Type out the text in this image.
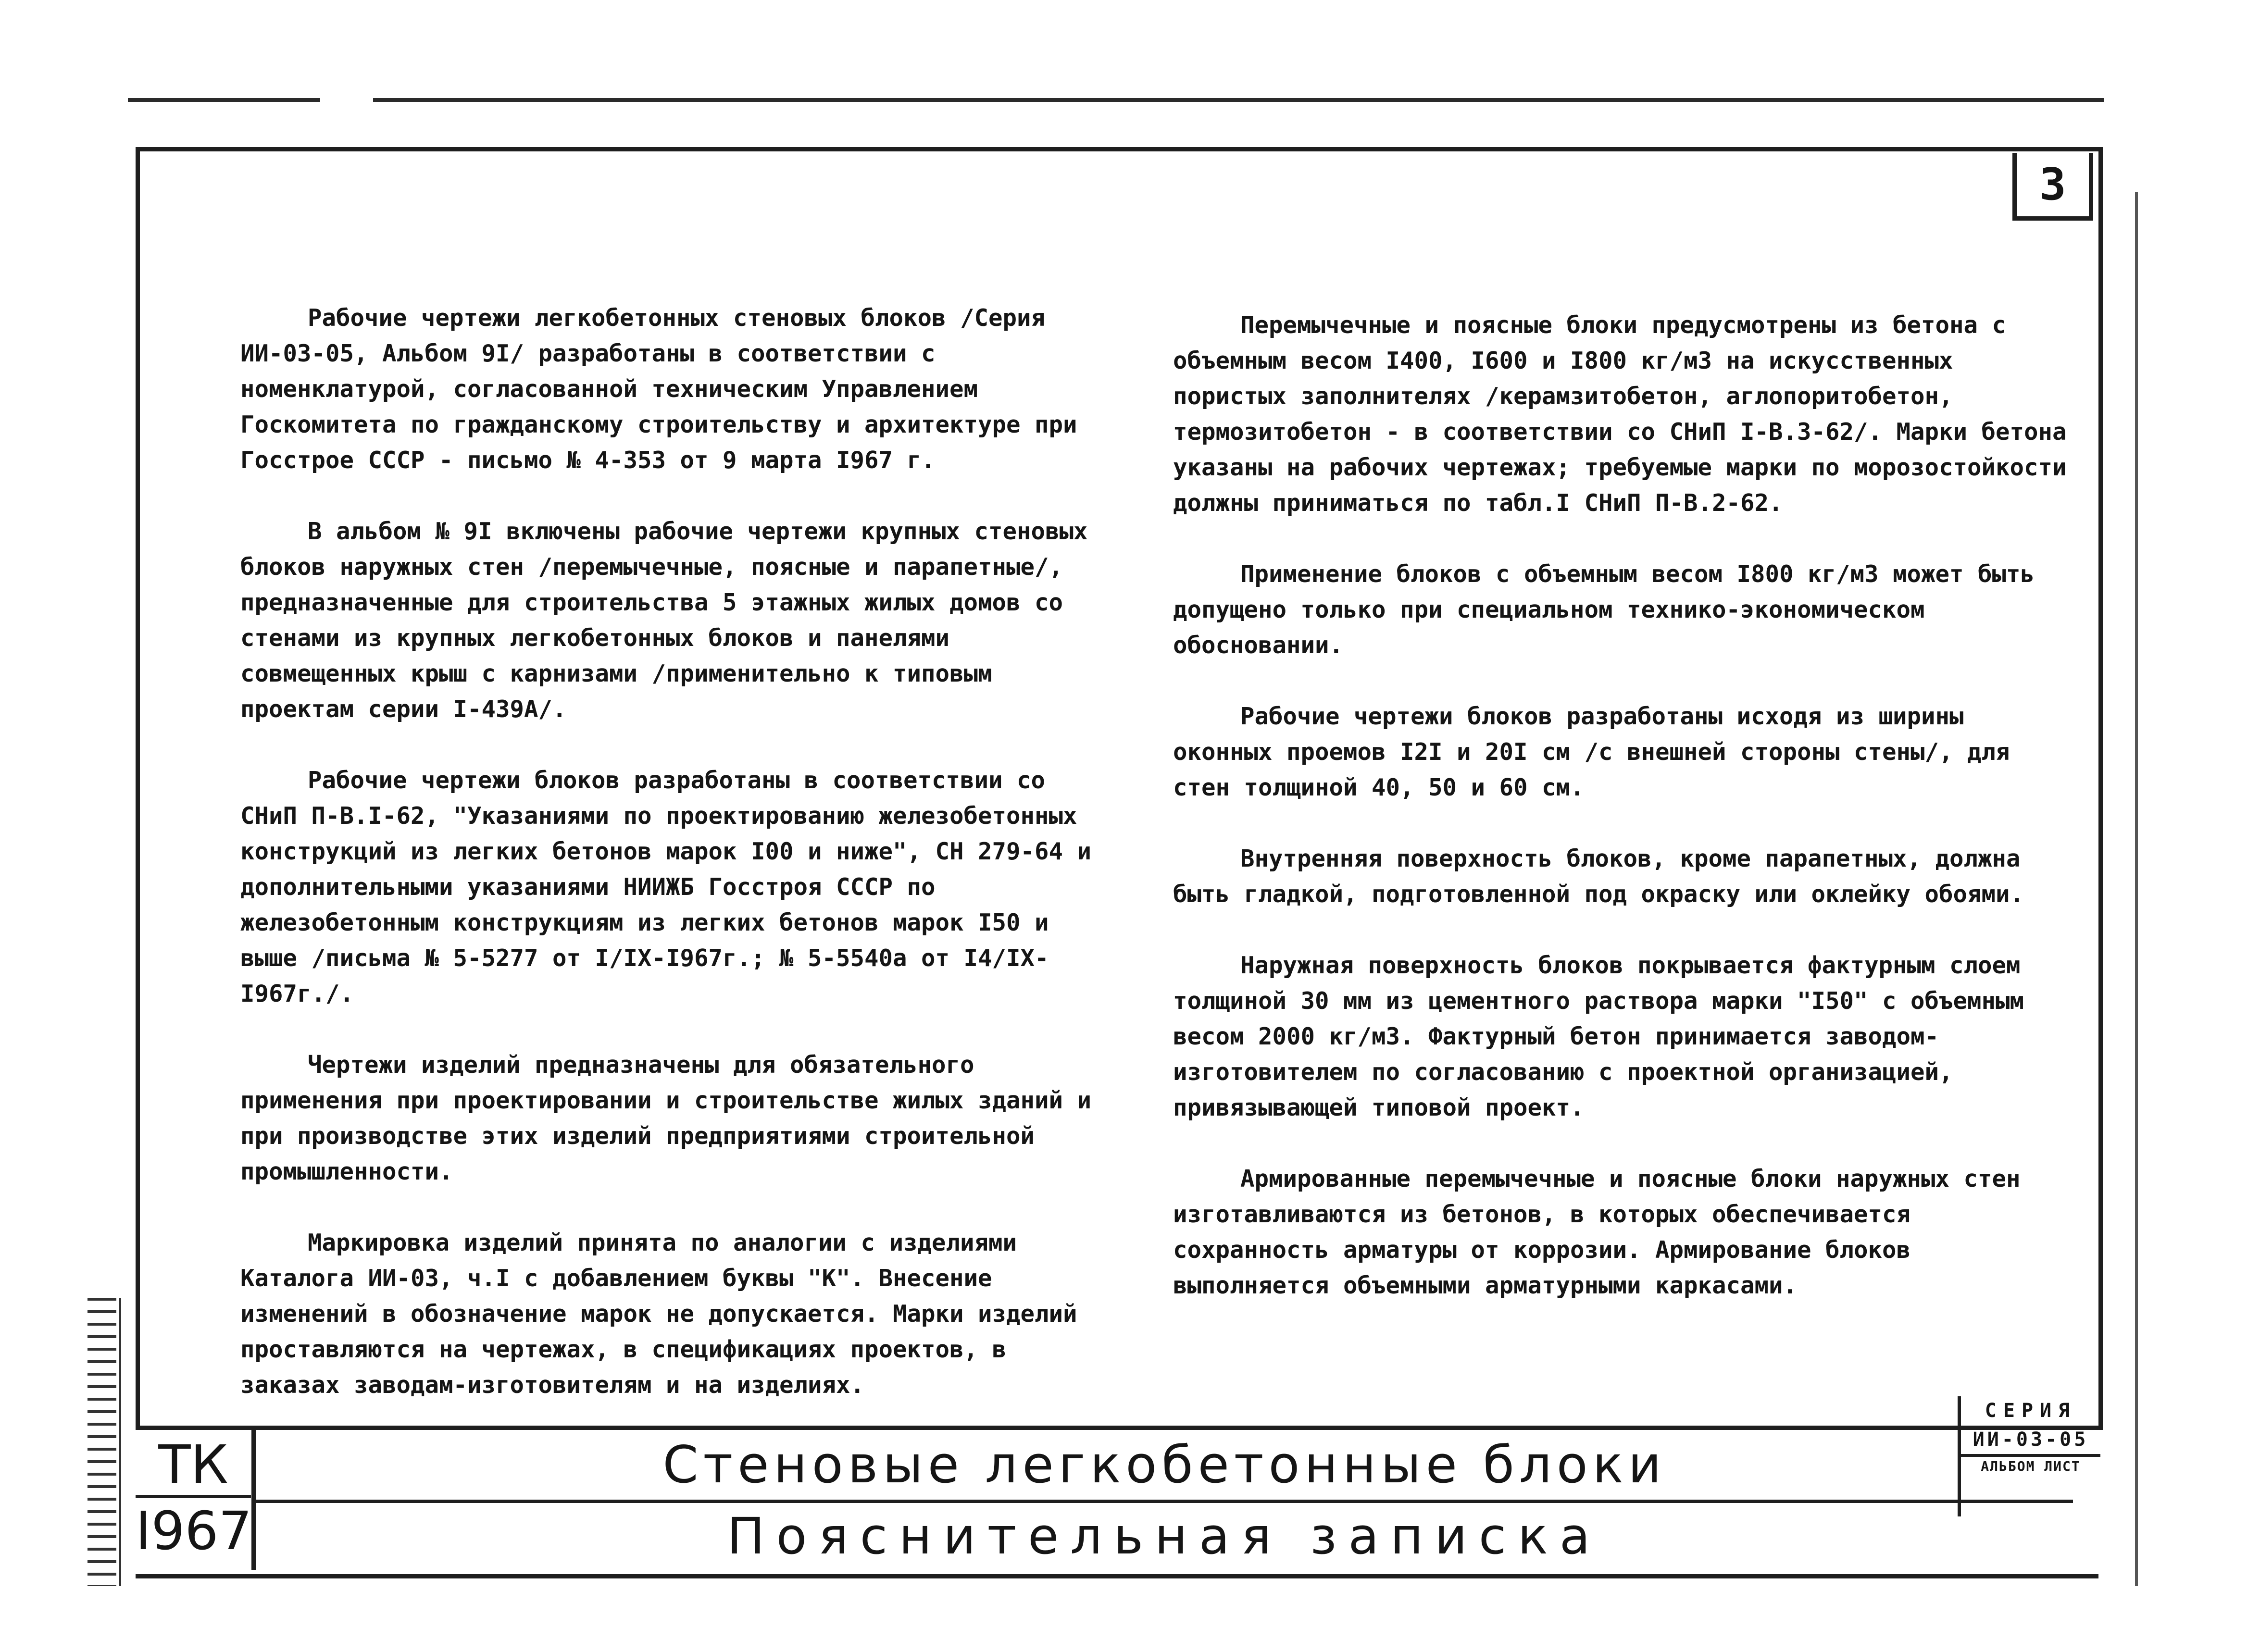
3

Рабочие чертежи легкобетонных стеновых блоков /Серия ИИ-03-05, Альбом 9I/ разработаны в соответствии с номенклатурой, согласованной техническим Управлением Госкомитета по гражданскому строительству и архитектуре при Госстрое СССР - письмо № 4-353 от 9 марта I967 г.

В альбом № 9I включены рабочие чертежи крупных стеновых блоков наружных стен /перемычечные, поясные и парапетные/, предназначенные для строительства 5 этажных жилых домов со стенами из крупных легкобетонных блоков и панелями совмещенных крыш с карнизами /применительно к типовым проектам серии I-439А/.

Рабочие чертежи блоков разработаны в соответствии со СНиП П-В.I-62, "Указаниями по проектированию железобетонных конструкций из легких бетонов марок I00 и ниже", СН 279-64 и дополнительными указаниями НИИЖБ Госстроя СССР по железобетонным конструкциям из легких бетонов марок I50 и выше /письма № 5-5277 от I/IX-I967г.; № 5-5540а от I4/IX-I967г./.

Чертежи изделий предназначены для обязательного применения при проектировании и строительстве жилых зданий и при производстве этих изделий предприятиями строительной промышленности.

Маркировка изделий принята по аналогии с изделиями Каталога ИИ-03, ч.I с добавлением буквы "К". Внесение изменений в обозначение марок не допускается. Марки изделий проставляются на чертежах, в спецификациях проектов, в заказах заводам-изготовителям и на изделиях.

Перемычечные и поясные блоки предусмотрены из бетона с объемным весом I400, I600 и I800 кг/м3 на искусственных пористых заполнителях /керамзитобетон, аглопоритобетон, термозитобетон - в соответствии со СНиП I-В.3-62/. Марки бетона указаны на рабочих чертежах; требуемые марки по морозостойкости должны приниматься по табл.I СНиП П-В.2-62.

Применение блоков с объемным весом I800 кг/м3 может быть допущено только при специальном технико-экономическом обосновании.

Рабочие чертежи блоков разработаны исходя из ширины оконных проемов I2I и 20I см /с внешней стороны стены/, для стен толщиной 40, 50 и 60 см.

Внутренняя поверхность блоков, кроме парапетных, должна быть гладкой, подготовленной под окраску или оклейку обоями.

Наружная поверхность блоков покрывается фактурным слоем толщиной 30 мм из цементного раствора марки "I50" с объемным весом 2000 кг/м3. Фактурный бетон принимается заводом-изготовителем по согласованию с проектной организацией, привязывающей типовой проект.

Армированные перемычечные и поясные блоки наружных стен изготавливаются из бетонов, в которых обеспечивается сохранность арматуры от коррозии. Армирование блоков выполняется объемными арматурными каркасами.

ТК
I967
Стеновые легкобетонные блоки
Пояснительная записка
СЕРИЯ
ИИ-03-05
АЛЬБОМ ЛИСТ
